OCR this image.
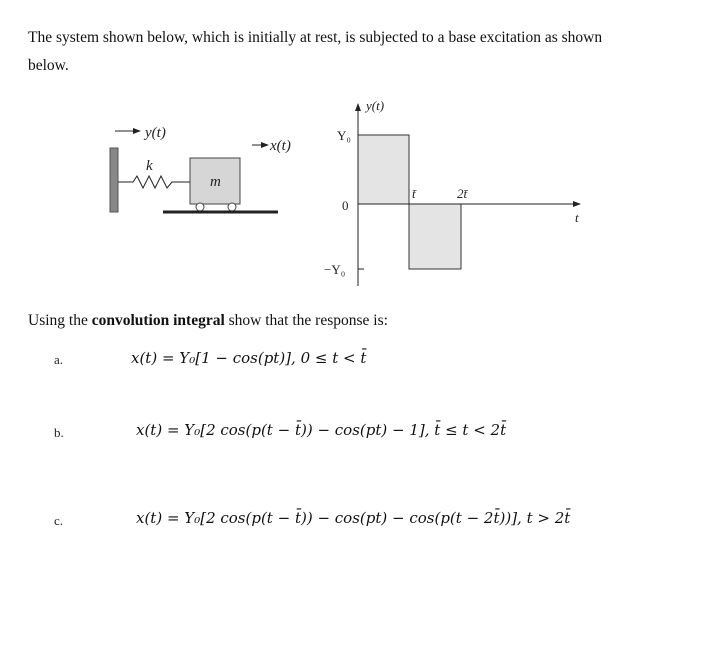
The system shown below, which is initially at rest, is subjected to a base excitation as shown
below.
y(t)
k
m
x(t)
y(t)
Y₀
0
−Y₀
t̄	2t̄
t
Using the convolution integral show that the response is:
a.	x(t) = Y₀[1 − cos(pt)], 0 ≤ t < t̄
b.	x(t) = Y₀[2 cos(p(t − t̄)) − cos(pt) − 1], t̄ ≤ t < 2t̄
c.	x(t) = Y₀[2 cos(p(t − t̄)) − cos(pt) − cos(p(t − 2t̄))], t > 2t̄
